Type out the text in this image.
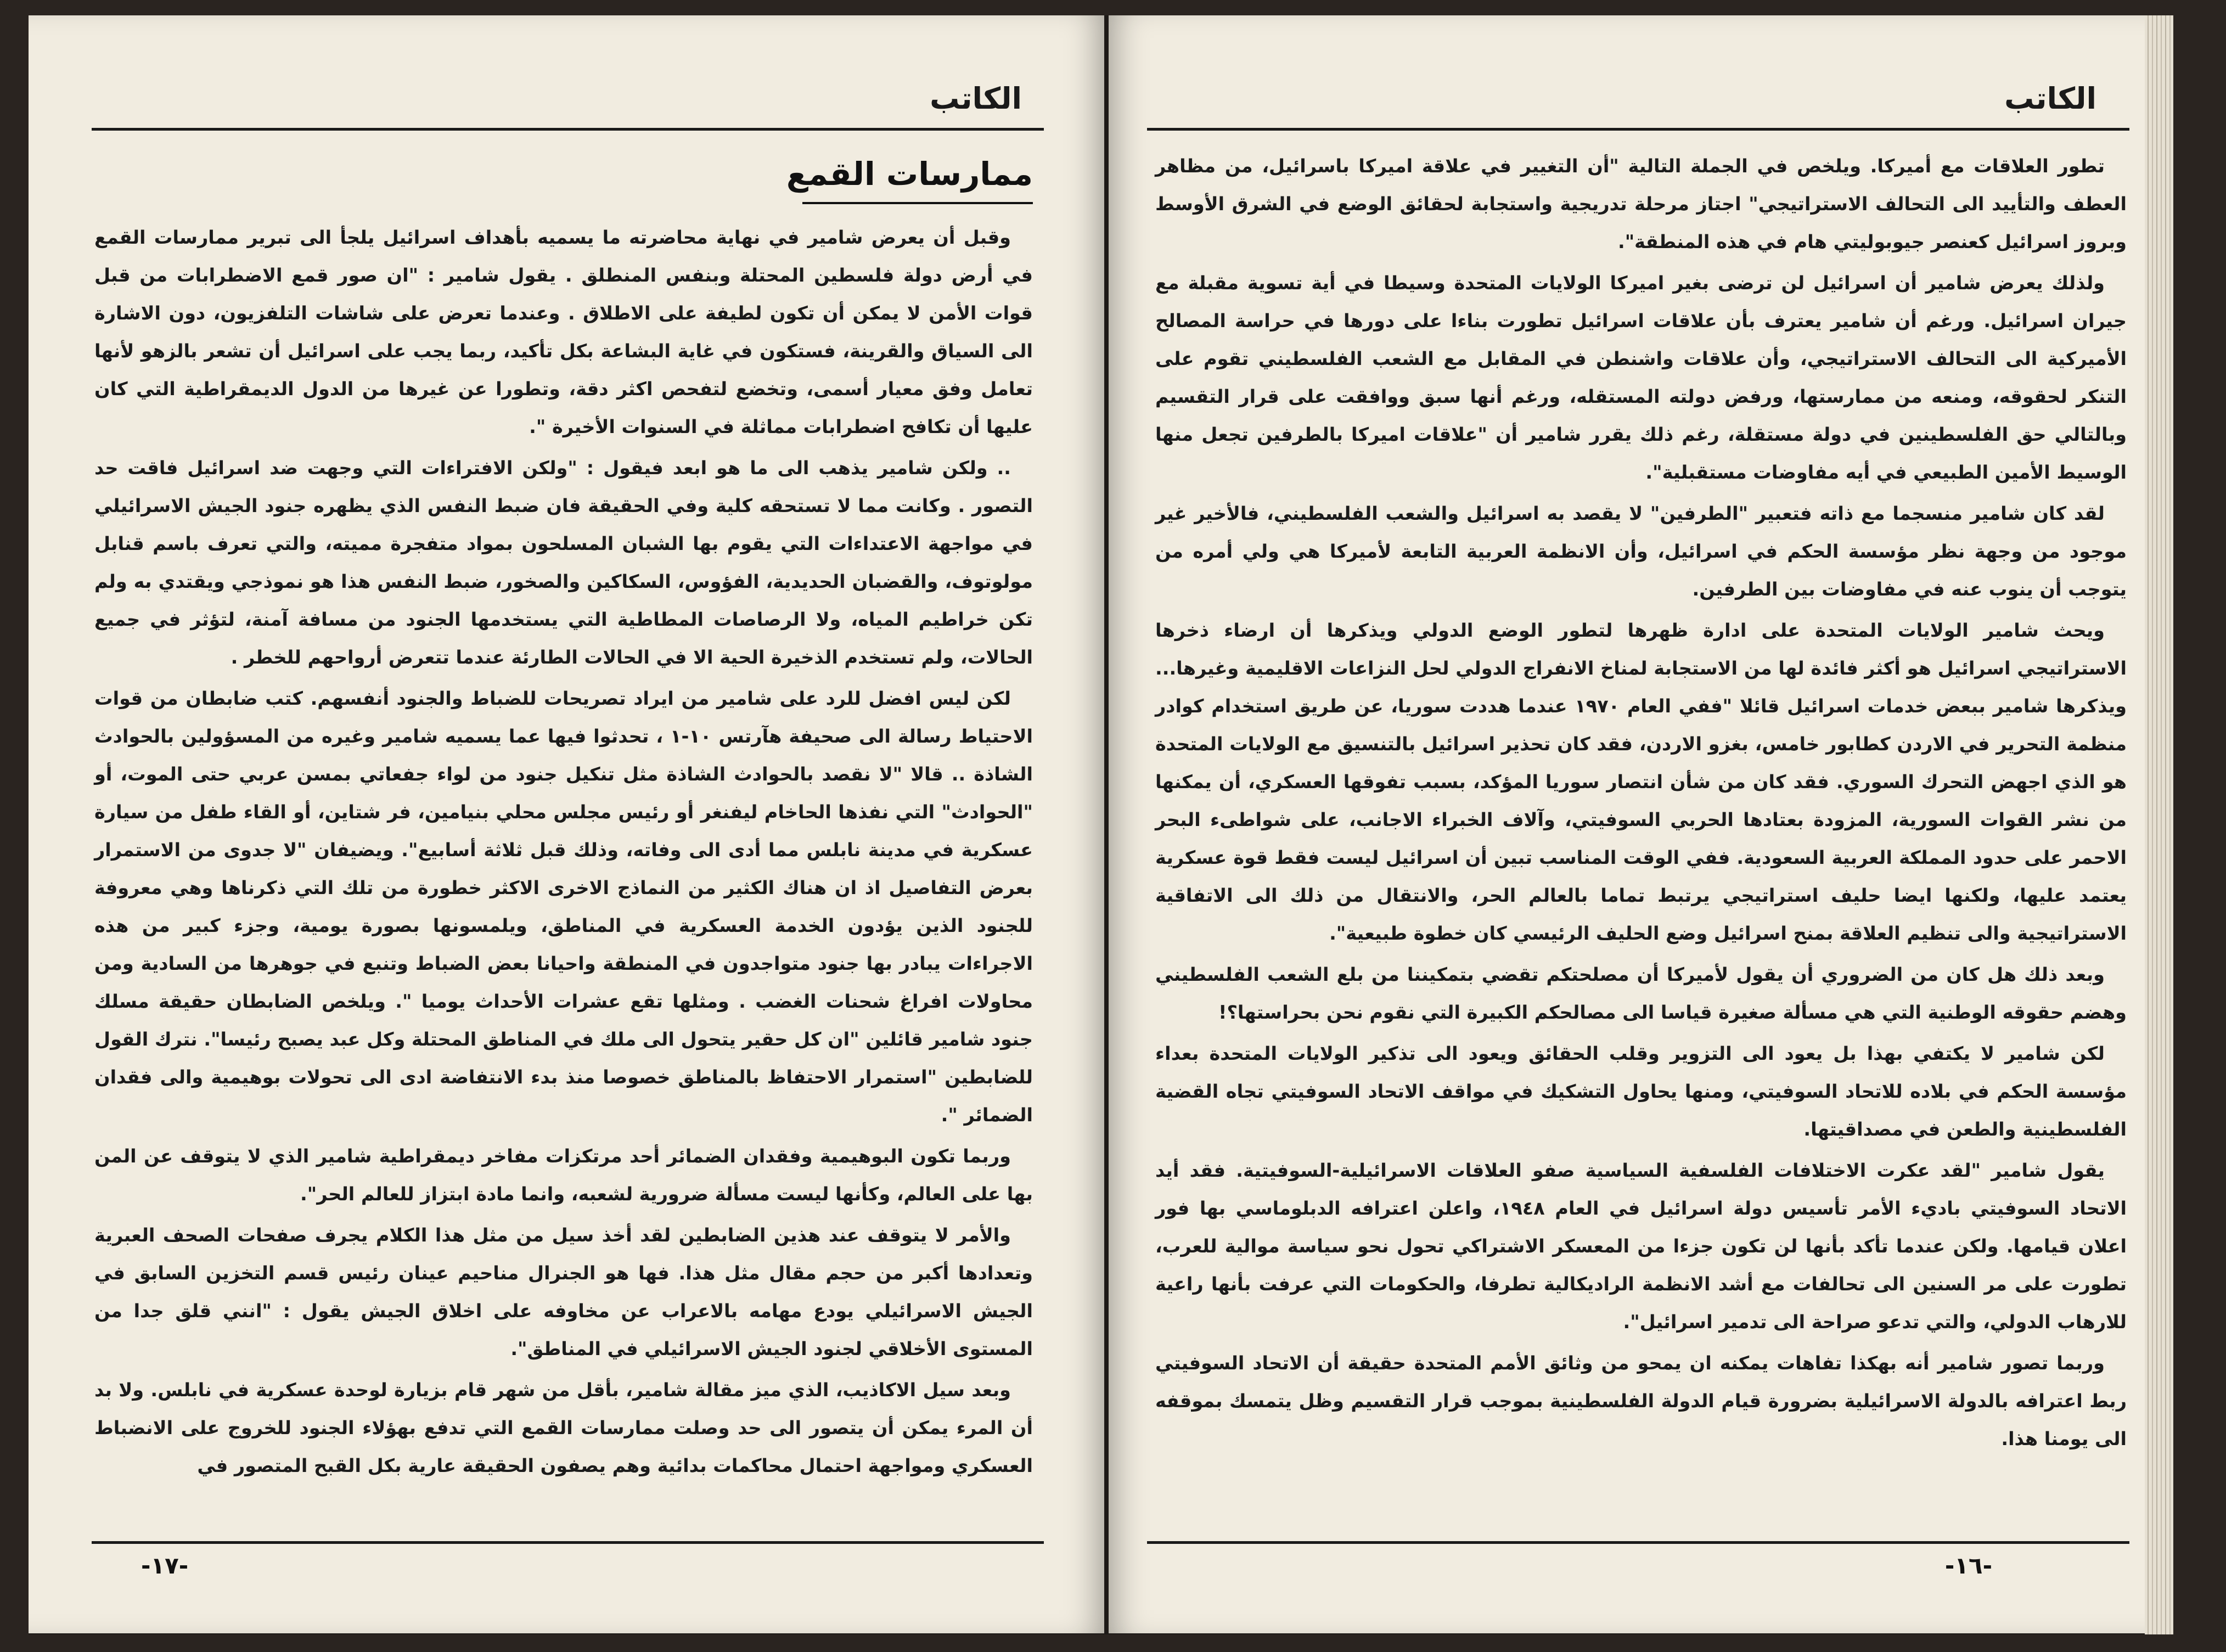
الكاتب
ممارسات القمع

وقبل أن يعرض شامير في نهاية محاضرته ما يسميه بأهداف اسرائيل يلجأ الى تبرير ممارسات القمع في أرض دولة فلسطين المحتلة وبنفس المنطلق . يقول شامير : "ان صور قمع الاضطرابات من قبل قوات الأمن لا يمكن أن تكون لطيفة على الاطلاق . وعندما تعرض على شاشات التلفزيون، دون الاشارة الى السياق والقرينة، فستكون في غاية البشاعة بكل تأكيد، ربما يجب على اسرائيل أن تشعر بالزهو لأنها تعامل وفق معيار أسمى، وتخضع لتفحص اكثر دقة، وتطورا عن غيرها من الدول الديمقراطية التي كان عليها أن تكافح اضطرابات مماثلة في السنوات الأخيرة ".

.. ولكن شامير يذهب الى ما هو ابعد فيقول : "ولكن الافتراءات التي وجهت ضد اسرائيل فاقت حد التصور . وكانت مما لا تستحقه كلية وفي الحقيقة فان ضبط النفس الذي يظهره جنود الجيش الاسرائيلي في مواجهة الاعتداءات التي يقوم بها الشبان المسلحون بمواد متفجرة مميته، والتي تعرف باسم قنابل مولوتوف، والقضبان الحديدية، الفؤوس، السكاكين والصخور، ضبط النفس هذا هو نموذجي ويقتدي به ولم تكن خراطيم المياه، ولا الرصاصات المطاطية التي يستخدمها الجنود من مسافة آمنة، لتؤثر في جميع الحالات، ولم تستخدم الذخيرة الحية الا في الحالات الطارئة عندما تتعرض أرواحهم للخطر .

لكن ليس افضل للرد على شامير من ايراد تصريحات للضباط والجنود أنفسهم. كتب ضابطان من قوات الاحتياط رسالة الى صحيفة هآرتس ١٠-١ ، تحدثوا فيها عما يسميه شامير وغيره من المسؤولين بالحوادث الشاذة .. قالا "لا نقصد بالحوادث الشاذة مثل تنكيل جنود من لواء جفعاتي بمسن عربي حتى الموت، أو "الحوادث" التي نفذها الحاخام ليفنغر أو رئيس مجلس محلي بنيامين، فر شتاين، أو القاء طفل من سيارة عسكرية في مدينة نابلس مما أدى الى وفاته، وذلك قبل ثلاثة أسابيع". ويضيفان "لا جدوى من الاستمرار بعرض التفاصيل اذ ان هناك الكثير من النماذج الاخرى الاكثر خطورة من تلك التي ذكرناها وهي معروفة للجنود الذين يؤدون الخدمة العسكرية في المناطق، ويلمسونها بصورة يومية، وجزء كبير من هذه الاجراءات يبادر بها جنود متواجدون في المنطقة واحيانا بعض الضباط وتنبع في جوهرها من السادية ومن محاولات افراغ شحنات الغضب . ومثلها تقع عشرات الأحداث يوميا ". ويلخص الضابطان حقيقة مسلك جنود شامير قائلين "ان كل حقير يتحول الى ملك في المناطق المحتلة وكل عبد يصبح رئيسا". نترك القول للضابطين "استمرار الاحتفاظ بالمناطق خصوصا منذ بدء الانتفاضة ادى الى تحولات بوهيمية والى فقدان الضمائر ".

وربما تكون البوهيمية وفقدان الضمائر أحد مرتكزات مفاخر ديمقراطية شامير الذي لا يتوقف عن المن بها على العالم، وكأنها ليست مسألة ضرورية لشعبه، وانما مادة ابتزاز للعالم الحر".

والأمر لا يتوقف عند هذين الضابطين لقد أخذ سيل من مثل هذا الكلام يجرف صفحات الصحف العبرية وتعدادها أكبر من حجم مقال مثل هذا. فها هو الجنرال مناحيم عينان رئيس قسم التخزين السابق في الجيش الاسرائيلي يودع مهامه بالاعراب عن مخاوفه على اخلاق الجيش يقول : "انني قلق جدا من المستوى الأخلاقي لجنود الجيش الاسرائيلي في المناطق".

وبعد سيل الاكاذيب، الذي ميز مقالة شامير، بأقل من شهر قام بزيارة لوحدة عسكرية في نابلس. ولا بد أن المرء يمكن أن يتصور الى حد وصلت ممارسات القمع التي تدفع بهؤلاء الجنود للخروج على الانضباط العسكري ومواجهة احتمال محاكمات بدائية وهم يصفون الحقيقة عارية بكل القبح المتصور في

-١٧-
الكاتب

تطور العلاقات مع أميركا. ويلخص في الجملة التالية "أن التغيير في علاقة اميركا باسرائيل، من مظاهر العطف والتأييد الى التحالف الاستراتيجي" اجتاز مرحلة تدريجية واستجابة لحقائق الوضع في الشرق الأوسط وبروز اسرائيل كعنصر جيوبوليتي هام في هذه المنطقة".

ولذلك يعرض شامير أن اسرائيل لن ترضى بغير اميركا الولايات المتحدة وسيطا في أية تسوية مقبلة مع جيران اسرائيل. ورغم أن شامير يعترف بأن علاقات اسرائيل تطورت بناءا على دورها في حراسة المصالح الأميركية الى التحالف الاستراتيجي، وأن علاقات واشنطن في المقابل مع الشعب الفلسطيني تقوم على التنكر لحقوقه، ومنعه من ممارستها، ورفض دولته المستقله، ورغم أنها سبق ووافقت على قرار التقسيم وبالتالي حق الفلسطينين في دولة مستقلة، رغم ذلك يقرر شامير أن "علاقات اميركا بالطرفين تجعل منها الوسيط الأمين الطبيعي في أيه مفاوضات مستقبلية".

لقد كان شامير منسجما مع ذاته فتعبير "الطرفين" لا يقصد به اسرائيل والشعب الفلسطيني، فالأخير غير موجود من وجهة نظر مؤسسة الحكم في اسرائيل، وأن الانظمة العربية التابعة لأميركا هي ولي أمره من يتوجب أن ينوب عنه في مفاوضات بين الطرفين.

ويحث شامير الولايات المتحدة على ادارة ظهرها لتطور الوضع الدولي ويذكرها أن ارضاء ذخرها الاستراتيجي اسرائيل هو أكثر فائدة لها من الاستجابة لمناخ الانفراج الدولي لحل النزاعات الاقليمية وغيرها... ويذكرها شامير ببعض خدمات اسرائيل قائلا "ففي العام ١٩٧٠ عندما هددت سوريا، عن طريق استخدام كوادر منظمة التحرير في الاردن كطابور خامس، بغزو الاردن، فقد كان تحذير اسرائيل بالتنسيق مع الولايات المتحدة هو الذي اجهض التحرك السوري. فقد كان من شأن انتصار سوريا المؤكد، بسبب تفوقها العسكري، أن يمكنها من نشر القوات السورية، المزودة بعتادها الحربي السوفيتي، وآلاف الخبراء الاجانب، على شواطىء البحر الاحمر على حدود المملكة العربية السعودية. ففي الوقت المناسب تبين أن اسرائيل ليست فقط قوة عسكرية يعتمد عليها، ولكنها ايضا حليف استراتيجي يرتبط تماما بالعالم الحر، والانتقال من ذلك الى الاتفاقية الاستراتيجية والى تنظيم العلاقة بمنح اسرائيل وضع الحليف الرئيسي كان خطوة طبيعية".

وبعد ذلك هل كان من الضروري أن يقول لأميركا أن مصلحتكم تقضي بتمكيننا من بلع الشعب الفلسطيني وهضم حقوقه الوطنية التي هي مسألة صغيرة قياسا الى مصالحكم الكبيرة التي نقوم نحن بحراستها؟!

لكن شامير لا يكتفي بهذا بل يعود الى التزوير وقلب الحقائق ويعود الى تذكير الولايات المتحدة بعداء مؤسسة الحكم في بلاده للاتحاد السوفيتي، ومنها يحاول التشكيك في مواقف الاتحاد السوفيتي تجاه القضية الفلسطينية والطعن في مصداقيتها.

يقول شامير "لقد عكرت الاختلافات الفلسفية السياسية صفو العلاقات الاسرائيلية-السوفيتية. فقد أيد الاتحاد السوفيتي باديء الأمر تأسيس دولة اسرائيل في العام ١٩٤٨، واعلن اعترافه الدبلوماسي بها فور اعلان قيامها. ولكن عندما تأكد بأنها لن تكون جزءا من المعسكر الاشتراكي تحول نحو سياسة موالية للعرب، تطورت على مر السنين الى تحالفات مع أشد الانظمة الراديكالية تطرفا، والحكومات التي عرفت بأنها راعية للارهاب الدولي، والتي تدعو صراحة الى تدمير اسرائيل".

وربما تصور شامير أنه بهكذا تفاهات يمكنه ان يمحو من وثائق الأمم المتحدة حقيقة أن الاتحاد السوفيتي ربط اعترافه بالدولة الاسرائيلية بضرورة قيام الدولة الفلسطينية بموجب قرار التقسيم وظل يتمسك بموقفه الى يومنا هذا.

-١٦-
